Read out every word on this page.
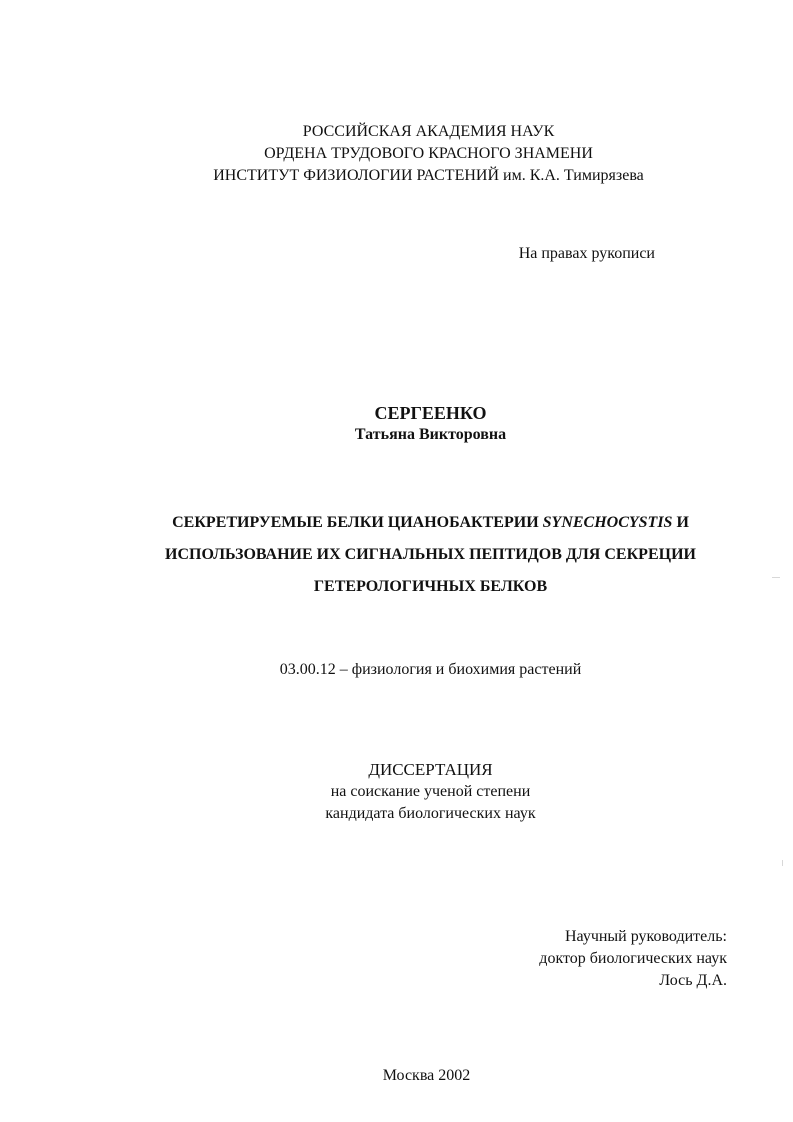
РОССИЙСКАЯ АКАДЕМИЯ НАУК
ОРДЕНА ТРУДОВОГО КРАСНОГО ЗНАМЕНИ
ИНСТИТУТ ФИЗИОЛОГИИ РАСТЕНИЙ им. К.А. Тимирязева
На правах рукописи
СЕРГЕЕНКО
Татьяна Викторовна
СЕКРЕТИРУЕМЫЕ БЕЛКИ ЦИАНОБАКТЕРИИ SYNECHOCYSTIS И
ИСПОЛЬЗОВАНИЕ ИХ СИГНАЛЬНЫХ ПЕПТИДОВ ДЛЯ СЕКРЕЦИИ
ГЕТЕРОЛОГИЧНЫХ БЕЛКОВ
03.00.12 – физиология и биохимия растений
ДИССЕРТАЦИЯ
на соискание ученой степени
кандидата биологических наук
Научный руководитель:
доктор биологических наук
Лось Д.А.
Москва 2002
